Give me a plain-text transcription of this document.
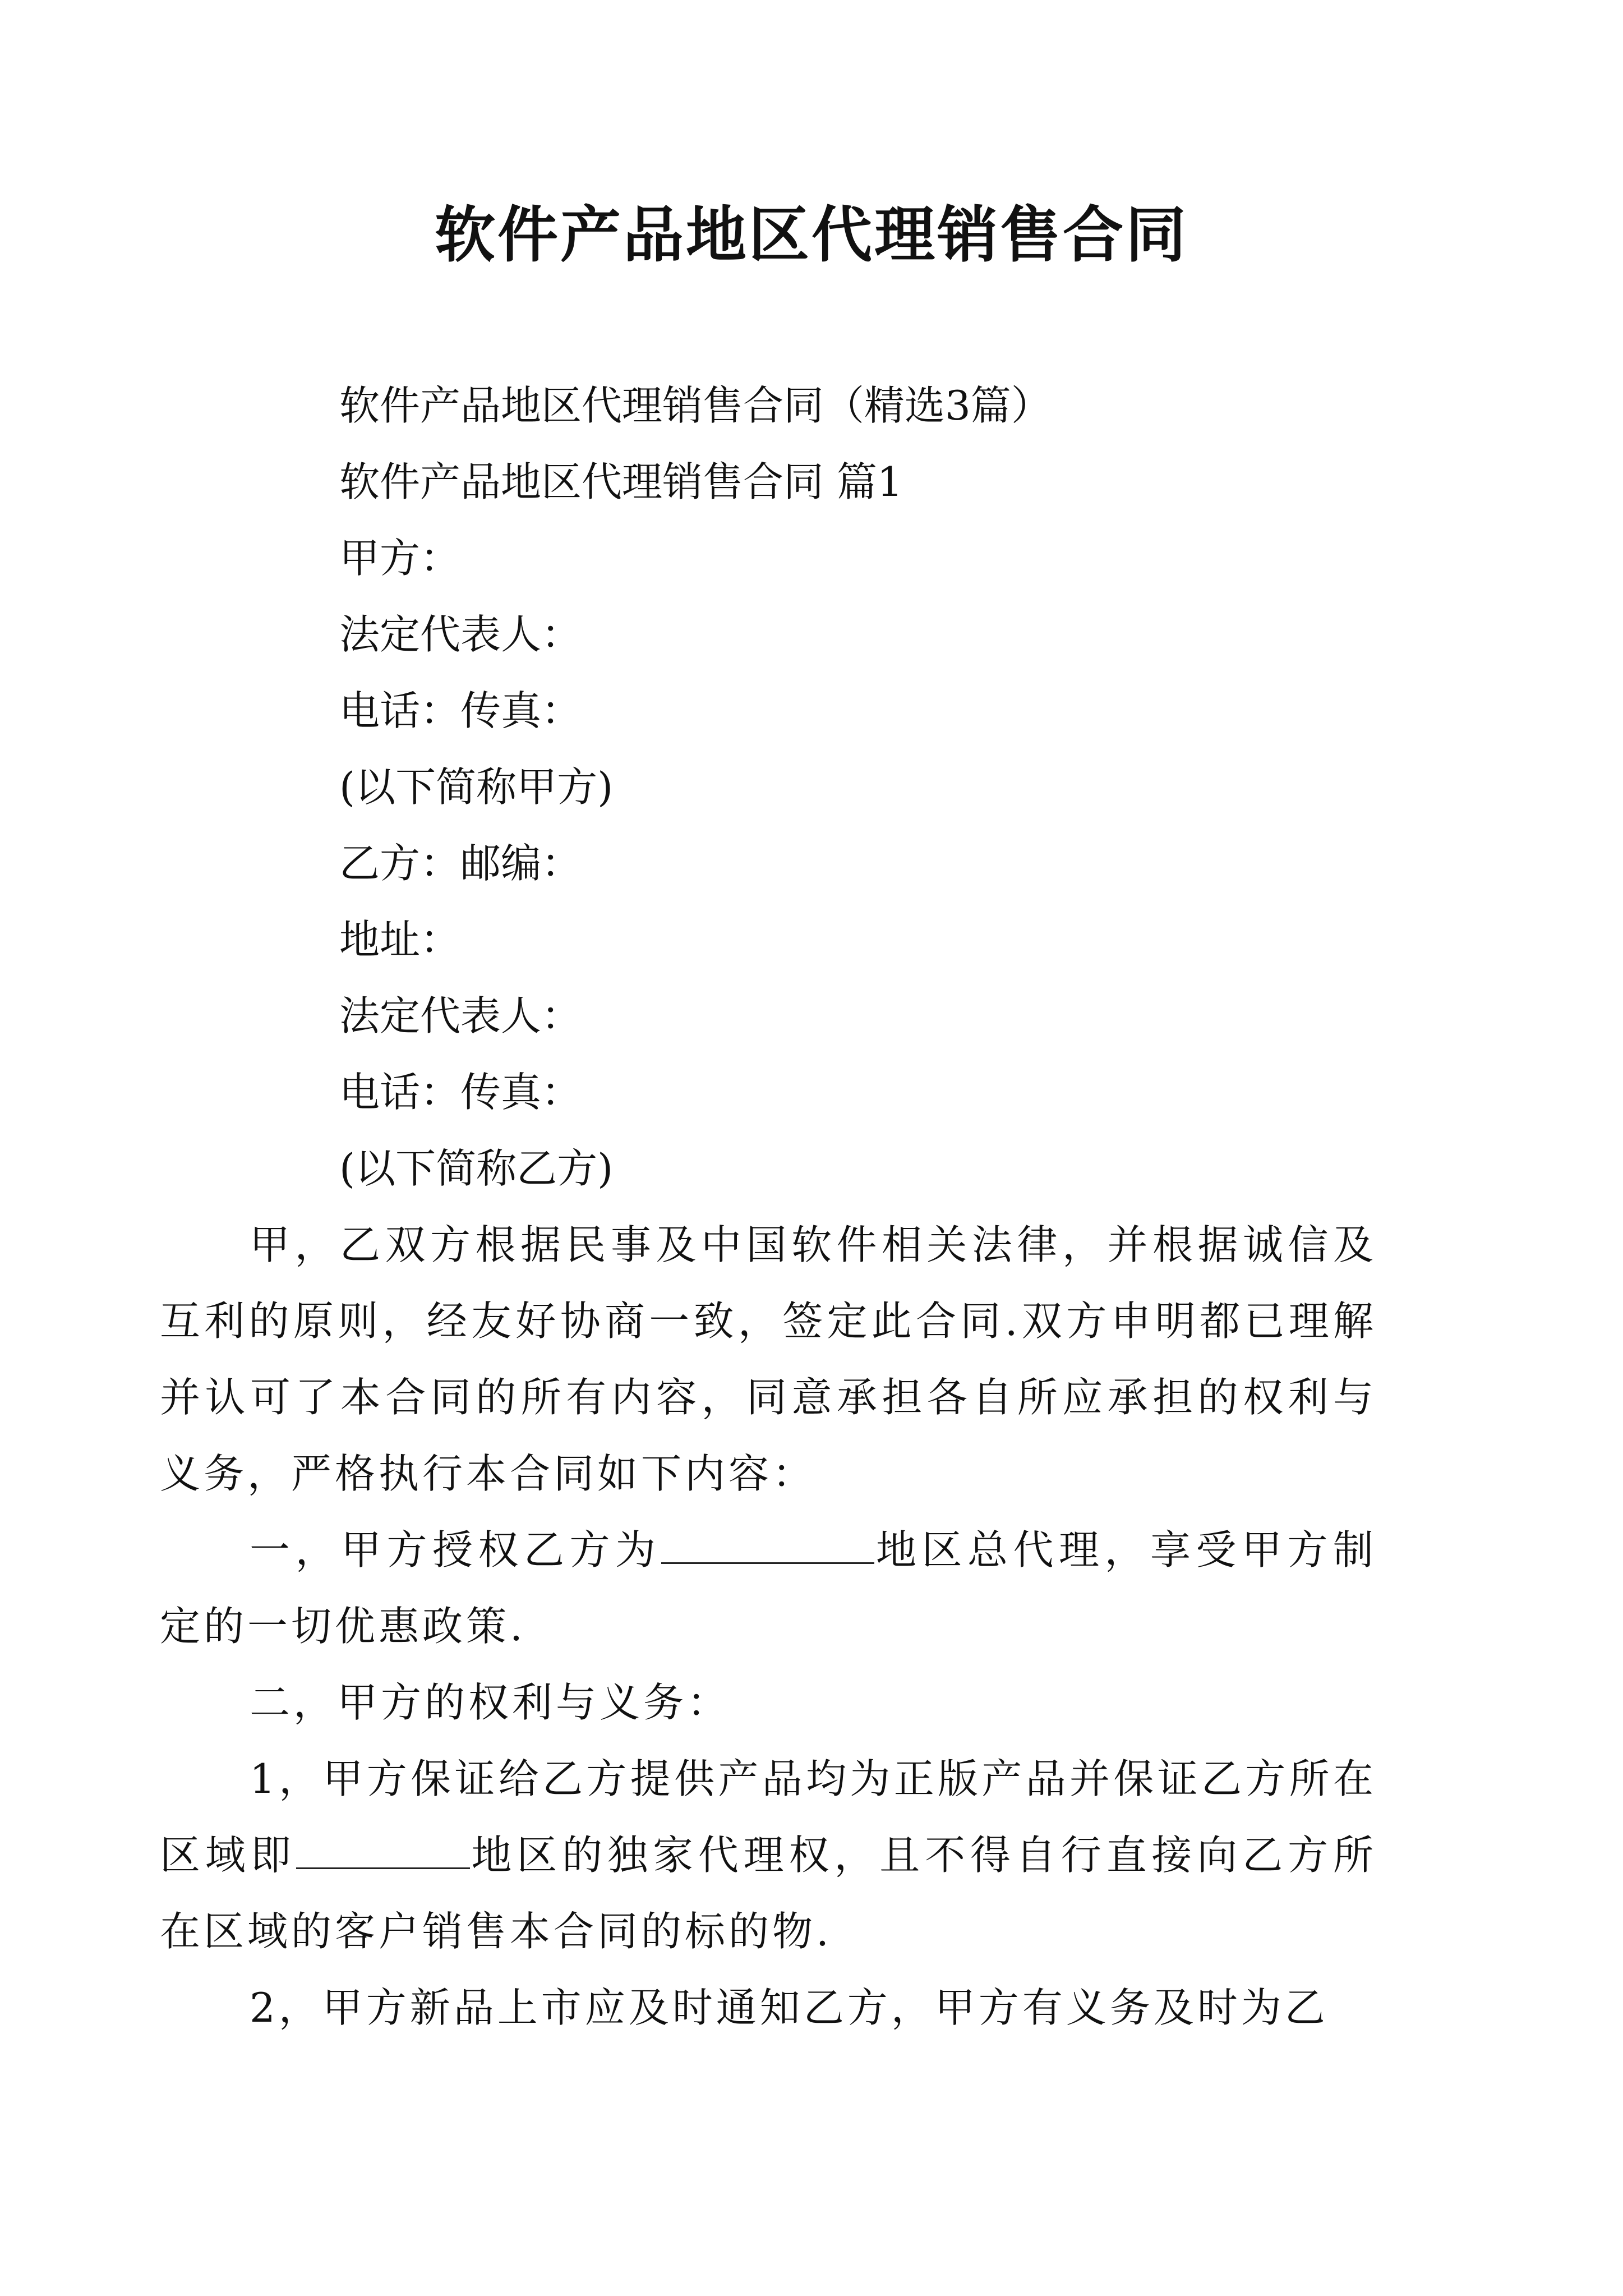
软件产品地区代理销售合同
软件产品地区代理销售合同（精选3篇）
软件产品地区代理销售合同 篇1
甲方：
法定代表人：
电话：传真：
(以下简称甲方)
乙方：邮编：
地址：
法定代表人：
电话：传真：
(以下简称乙方)

甲，乙双方根据民事及中国软件相关法律，并根据诚信及互利的原则，经友好协商一致，签定此合同.双方申明都已理解并认可了本合同的所有内容，同意承担各自所应承担的权利与义务，严格执行本合同如下内容：

一，甲方授权乙方为	地区总代理，享受甲方制定的一切优惠政策.

二，甲方的权利与义务：

1，甲方保证给乙方提供产品均为正版产品并保证乙方所在区域即	地区的独家代理权，且不得自行直接向乙方所在区域的客户销售本合同的标的物.

2，甲方新品上市应及时通知乙方，甲方有义务及时为乙
